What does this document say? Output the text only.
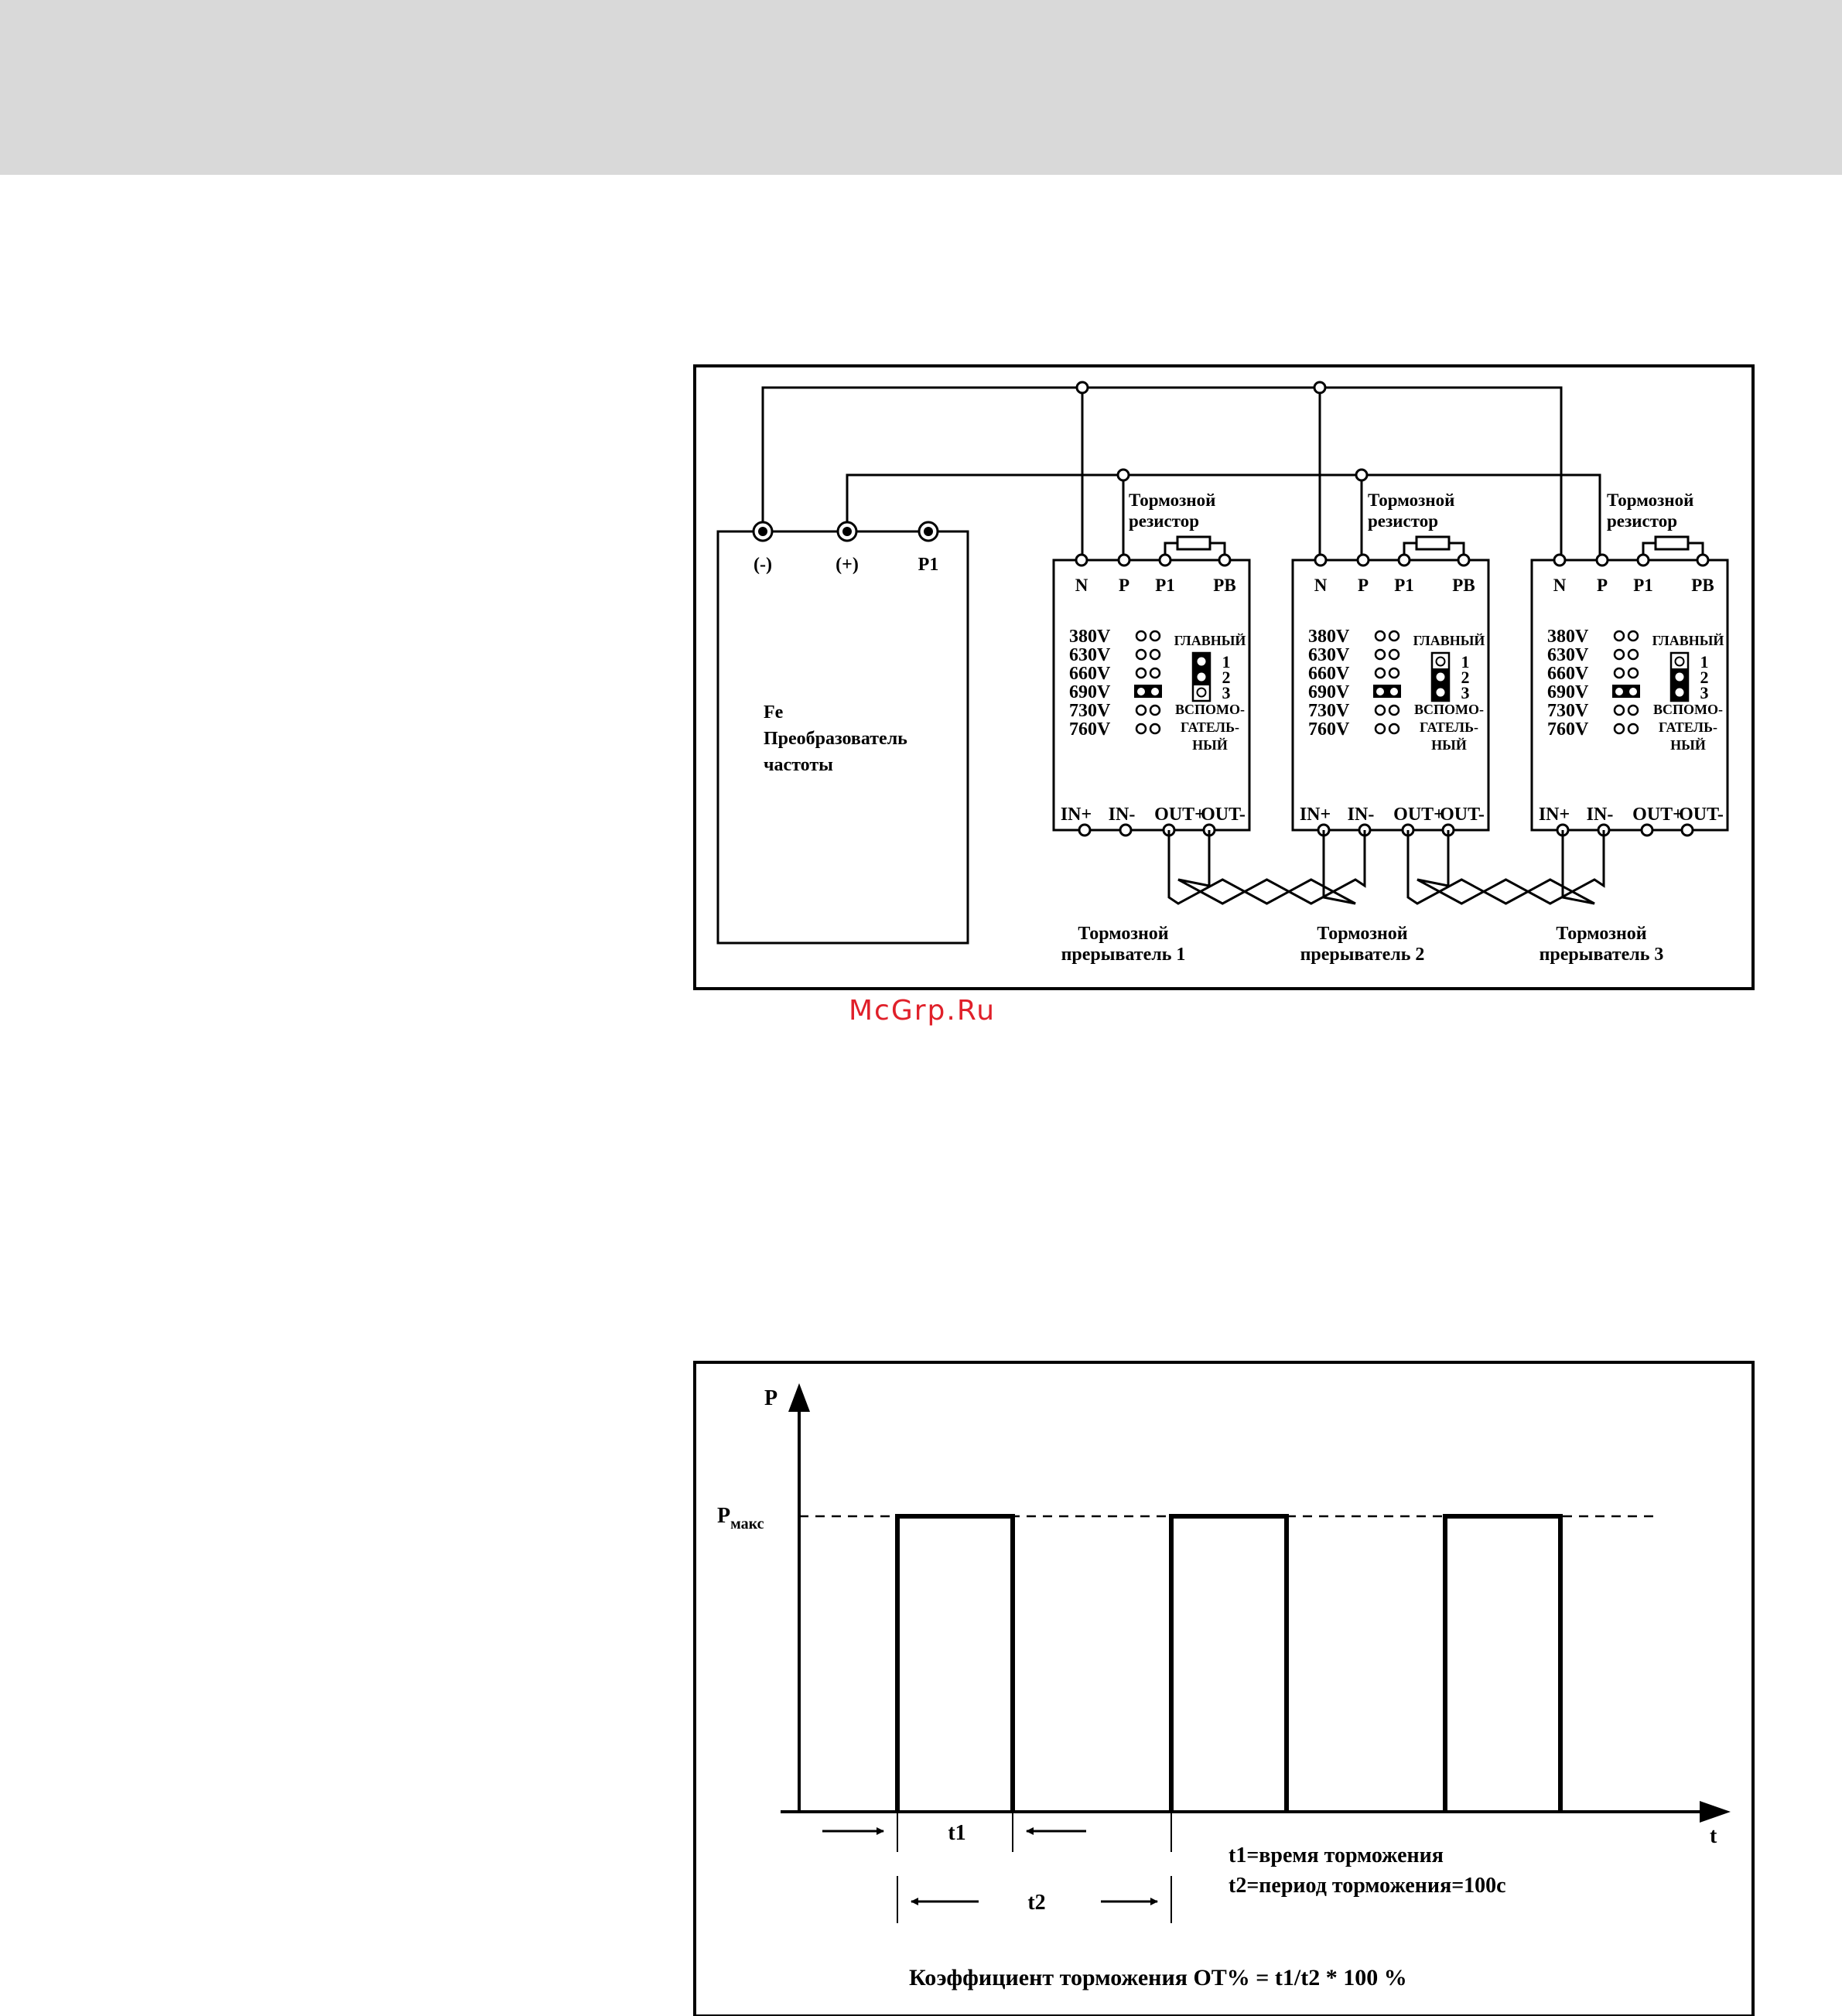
(-)	(+)	P1
Fe
Преобразователь
частоты
Тормозной
резистор
N P P1 PB
380V
630V
660V
690V
730V
760V
ГЛАВНЫЙ
1
2
3
ВСПОМО-
ГАТЕЛЬ-
НЫЙ
IN+ IN- OUT+
OUT-
Тормозной
прерыватель 1
Тормозной
резистор
N P P1 PB
380V
630V
660V
690V
730V
760V
ГЛАВНЫЙ
1
2
3
ВСПОМО-
ГАТЕЛЬ-
НЫЙ
IN+ IN- OUT+
OUT-
Тормозной
прерыватель 2
Тормозной
резистор
N P P1 PB
380V
630V
660V
690V
730V
760V
ГЛАВНЫЙ
1
2
3
ВСПОМО-
ГАТЕЛЬ-
НЫЙ
IN+ IN- OUT+
OUT-
Тормозной
прерыватель 3
McGrp.Ru
P
t
$P_{макс}$
t1
t2
t1=время торможения
t2=период торможения=100с
Коэффициент торможения ОТ% = t1/t2 * 100 %
